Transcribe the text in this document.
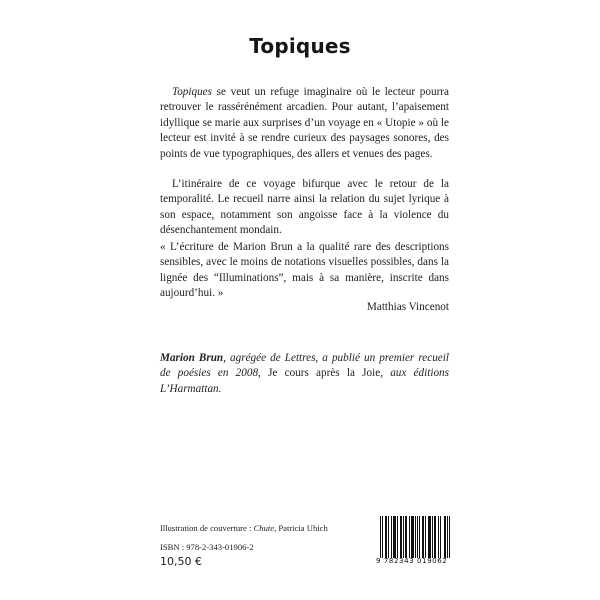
Topiques

Topiques se veut un refuge imaginaire où le lecteur pourra retrouver le rassérénément arcadien. Pour autant, l’apaisement idyllique se marie aux surprises d’un voyage en « Utopie » où le lecteur est invité à se rendre curieux des paysages sonores, des points de vue typographiques, des allers et venues des pages.

L’itinéraire de ce voyage bifurque avec le retour de la temporalité. Le recueil narre ainsi la relation du sujet lyrique à son espace, notamment son angoisse face à la violence du désenchantement mondain.

« L’écriture de Marion Brun a la qualité rare des descriptions sensibles, avec le moins de notations visuelles possibles, dans la lignée des “Illuminations”, mais à sa manière, inscrite dans aujourd’hui. »

Matthias Vincenot

Marion Brun, agrégée de Lettres, a publié un premier recueil de poésies en 2008, Je cours après la Joie, aux éditions L’Harmattan.

Illustration de couverture : Chute, Patricia Uhich
ISBN : 978-2-343-01906-2
10,50 €	9 782343 019062
